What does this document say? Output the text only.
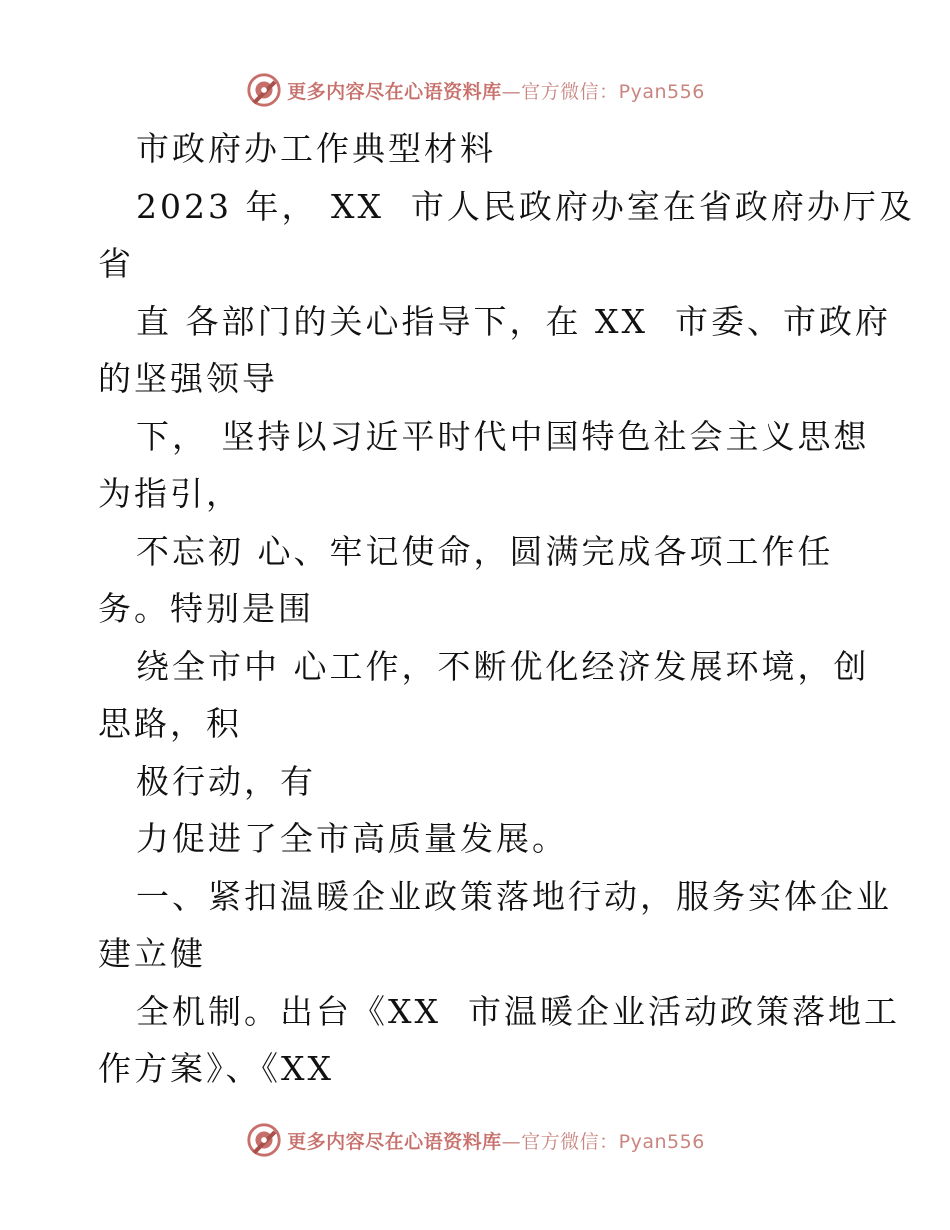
更多内容尽在心语资料库—官方微信：Pyan556
市政府办工作典型材料
2023 年， XX  市人民政府办室在省政府办厅及
省
直 各部门的关心指导下，在 XX  市委、市政府
的坚强领导
下， 坚持以习近平时代中国特色社会主义思想
为指引，
不忘初 心、牢记使命，圆满完成各项工作任
务。特别是围
绕全市中 心工作，不断优化经济发展环境，创
思路，积
极行动，有
力促进了全市高质量发展。
一、紧扣温暖企业政策落地行动，服务实体企业
建立健
全机制。出台《XX  市温暖企业活动政策落地工
作方案》、《XX
更多内容尽在心语资料库—官方微信：Pyan556
